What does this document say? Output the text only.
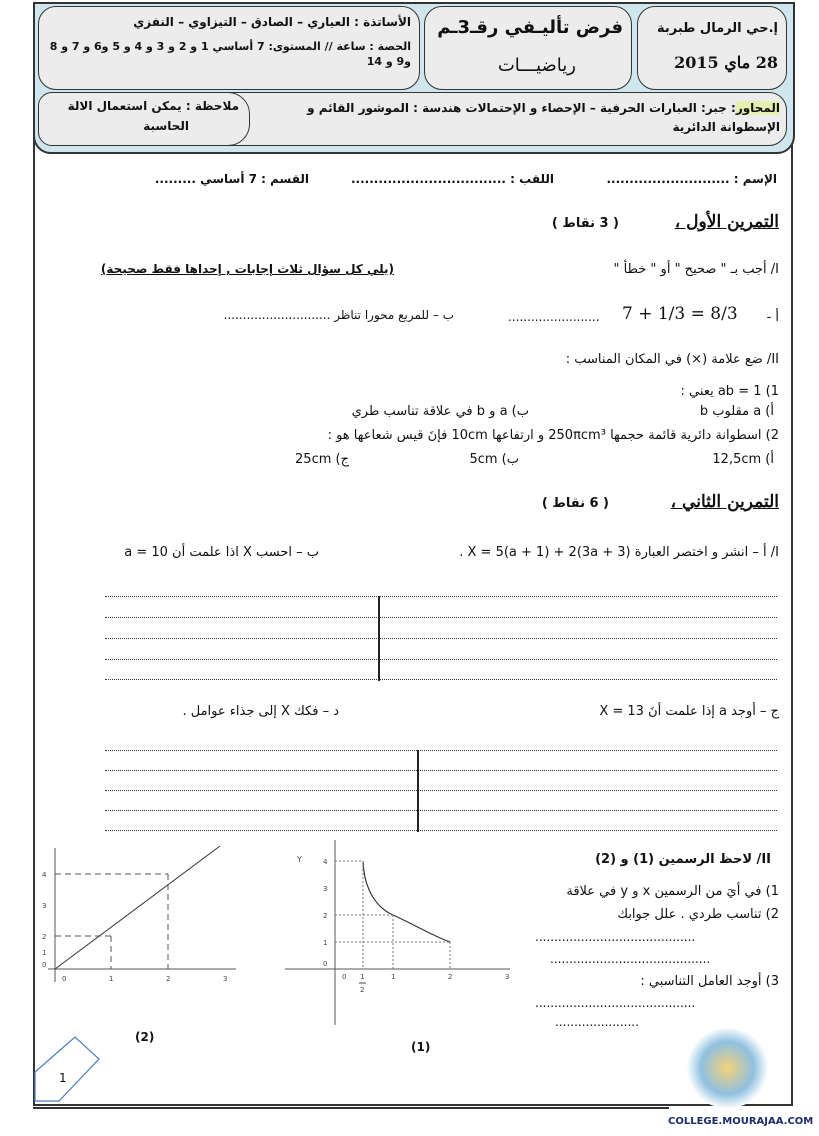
إ.حي الرمال طبربة
28 ماي 2015
الأساتذة : العياري – الصادق – التيزاوي – النفزي
الحصة : ساعة // المستوى: 7 أساسي 1 و 2 و 3 و 4 و 5 و6 و 7 و 8 و9 و 14
فرض تأليـفي رقـ3ـم
رياضيـــات
المحاور: جبر: العبارات الحرفية – الإحصاء و الإحتمالات هندسة : الموشور القائم و الإسطوانة الدائرية
ملاحظة : يمكن استعمال الالة
الحاسبة
الإسم : ...........................
اللقب : ..................................
القسم : 7 أساسي .........
التمرين الأول ،
( 3 نقاط )
I/ أجب بـ " صحيح " أو " خطأ "
(يلي كل سؤال ثلاث إجابات , إحداها فقط صحيحة)
أ -
7 + 1/3 = 8/3
........................
ب – للمربع محورا تناظر ............................
II/ ضع علامة (×) في المكان المناسب :
1) ab = 1 يعني :
أ) a مقلوب b
ب) a و b في علاقة تناسب طري
2) اسطوانة دائرية قائمة حجمها 250πcm³ و ارتفاعها 10cm فإنَ قيس شعاعها هو :
أ) 12,5cm
ب) 5cm
ج) 25cm
التمرين الثاني ،
( 6 نقاط )
I/ أ – انشر و اختصر العبارة X = 5(a + 1) + 2(3a + 3) .
ب – احسب X اذا علمت أن a = 10
ج – أوجد a إذا علمت أنَ X = 13
د – فكك X إلى جذاء عوامل .
II/ لاحظ الرسمين (1) و (2)
1) في أيَ من الرسمين x و y في علاقة
2) تناسب طردي . علل جوابك
..........................................
..........................................
3) أوجد العامل التناسبي :
..........................................
......................
4
3
2
1
0
0	1	2	3
(2)
4
3
2
1
0
0 1
2
1	2	3
Y
(1)
1
COLLEGE.MOURAJAA.COM
